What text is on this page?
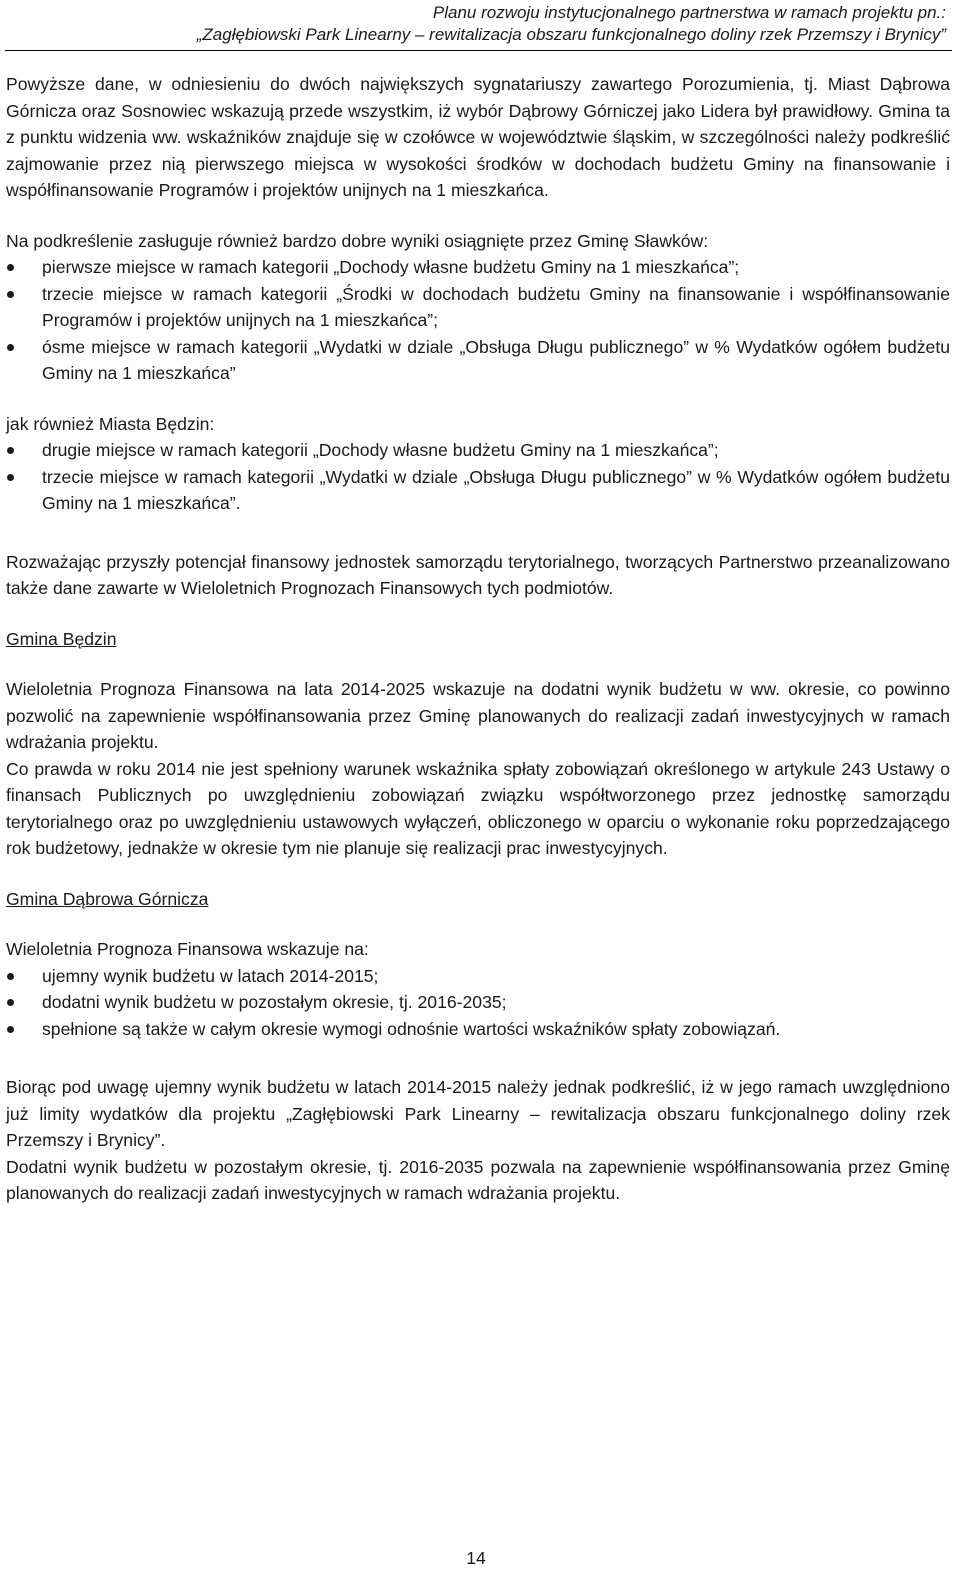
Planu rozwoju instytucjonalnego partnerstwa w ramach projektu pn.:
„Zagłębiowski Park Linearny – rewitalizacja obszaru funkcjonalnego doliny rzek Przemszy i Brynicy”

Powyższe dane, w odniesieniu do dwóch największych sygnatariuszy zawartego Porozumienia, tj. Miast Dąbrowa Górnicza oraz Sosnowiec wskazują przede wszystkim, iż wybór Dąbrowy Górniczej jako Lidera był prawidłowy. Gmina ta z punktu widzenia ww. wskaźników znajduje się w czołówce w województwie śląskim, w szczególności należy podkreślić zajmowanie przez nią pierwszego miejsca w wysokości środków w dochodach budżetu Gminy na finansowanie i współfinansowanie Programów i projektów unijnych na 1 mieszkańca.

Na podkreślenie zasługuje również bardzo dobre wyniki osiągnięte przez Gminę Sławków:

pierwsze miejsce w ramach kategorii „Dochody własne budżetu Gminy na 1 mieszkańca”;
trzecie miejsce w ramach kategorii „Środki w dochodach budżetu Gminy na finansowanie i współfinansowanie Programów i projektów unijnych na 1 mieszkańca”;
ósme miejsce w ramach kategorii „Wydatki w dziale „Obsługa Długu publicznego” w % Wydatków ogółem budżetu Gminy na 1 mieszkańca”

jak również Miasta Będzin:

drugie miejsce w ramach kategorii „Dochody własne budżetu Gminy na 1 mieszkańca”;
trzecie miejsce w ramach kategorii „Wydatki w dziale „Obsługa Długu publicznego” w % Wydatków ogółem budżetu Gminy na 1 mieszkańca”.

Rozważając przyszły potencjał finansowy jednostek samorządu terytorialnego, tworzących Partnerstwo przeanalizowano także dane zawarte w Wieloletnich Prognozach Finansowych tych podmiotów.

Gmina Będzin

Wieloletnia Prognoza Finansowa na lata 2014-2025 wskazuje na dodatni wynik budżetu w ww. okresie, co powinno pozwolić na zapewnienie współfinansowania przez Gminę planowanych do realizacji zadań inwestycyjnych w ramach wdrażania projektu.

Co prawda w roku 2014 nie jest spełniony warunek wskaźnika spłaty zobowiązań określonego w artykule 243 Ustawy o finansach Publicznych po uwzględnieniu zobowiązań związku współtworzonego przez jednostkę samorządu terytorialnego oraz po uwzględnieniu ustawowych wyłączeń, obliczonego w oparciu o wykonanie roku poprzedzającego rok budżetowy, jednakże w okresie tym nie planuje się realizacji prac inwestycyjnych.

Gmina Dąbrowa Górnicza

Wieloletnia Prognoza Finansowa wskazuje na:

ujemny wynik budżetu w latach 2014-2015;
dodatni wynik budżetu w pozostałym okresie, tj. 2016-2035;
spełnione są także w całym okresie wymogi odnośnie wartości wskaźników spłaty zobowiązań.

Biorąc pod uwagę ujemny wynik budżetu w latach 2014-2015 należy jednak podkreślić, iż w jego ramach uwzględniono już limity wydatków dla projektu „Zagłębiowski Park Linearny – rewitalizacja obszaru funkcjonalnego doliny rzek Przemszy i Brynicy”.

Dodatni wynik budżetu w pozostałym okresie, tj. 2016-2035 pozwala na zapewnienie współfinansowania przez Gminę planowanych do realizacji zadań inwestycyjnych w ramach wdrażania projektu.

14
